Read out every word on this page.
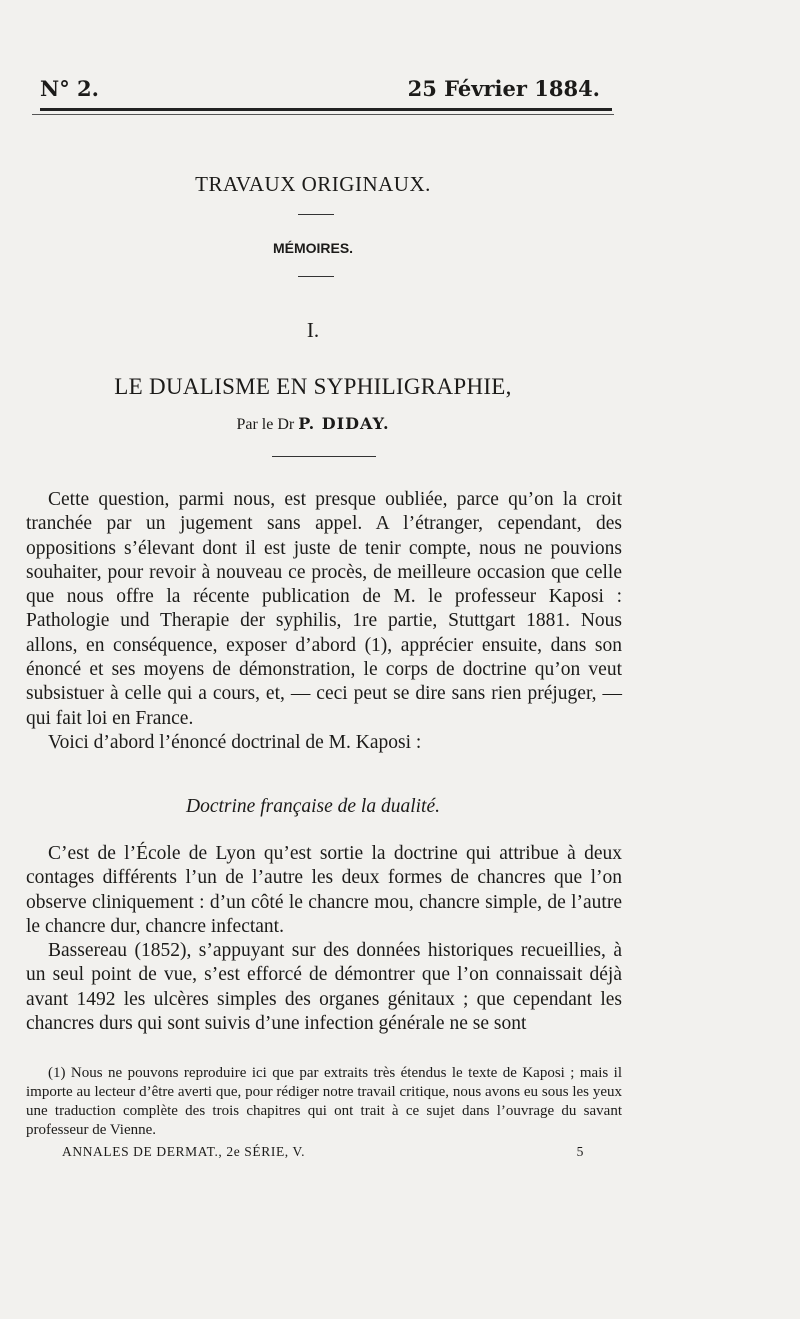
N° 2.	25 Février 1884.
TRAVAUX ORIGINAUX.
MÉMOIRES.
I.
LE DUALISME EN SYPHILIGRAPHIE,
Par le Dr P. DIDAY.

Cette question, parmi nous, est presque oubliée, parce qu’on la croit tranchée par un jugement sans appel. A l’étranger, cependant, des oppositions s’élevant dont il est juste de tenir compte, nous ne pouvions souhaiter, pour revoir à nouveau ce procès, de meilleure occasion que celle que nous offre la récente publication de M. le professeur Kaposi : Pathologie und Therapie der syphilis, 1re partie, Stuttgart 1881. Nous allons, en conséquence, exposer d’abord (1), apprécier ensuite, dans son énoncé et ses moyens de démonstration, le corps de doctrine qu’on veut subsistuer à celle qui a cours, et, — ceci peut se dire sans rien préjuger, — qui fait loi en France.

Voici d’abord l’énoncé doctrinal de M. Kaposi :

Doctrine française de la dualité.

C’est de l’École de Lyon qu’est sortie la doctrine qui attribue à deux contages différents l’un de l’autre les deux formes de chancres que l’on observe cliniquement : d’un côté le chancre mou, chancre simple, de l’autre le chancre dur, chancre infectant.

Bassereau (1852), s’appuyant sur des données historiques recueillies, à un seul point de vue, s’est efforcé de démontrer que l’on connaissait déjà avant 1492 les ulcères simples des organes génitaux ; que cependant les chancres durs qui sont suivis d’une infection générale ne se sont

(1) Nous ne pouvons reproduire ici que par extraits très étendus le texte de Kaposi ; mais il importe au lecteur d’être averti que, pour rédiger notre travail critique, nous avons eu sous les yeux une traduction complète des trois chapitres qui ont trait à ce sujet dans l’ouvrage du savant professeur de Vienne.

ANNALES DE DERMAT., 2e SÉRIE, V.	5
